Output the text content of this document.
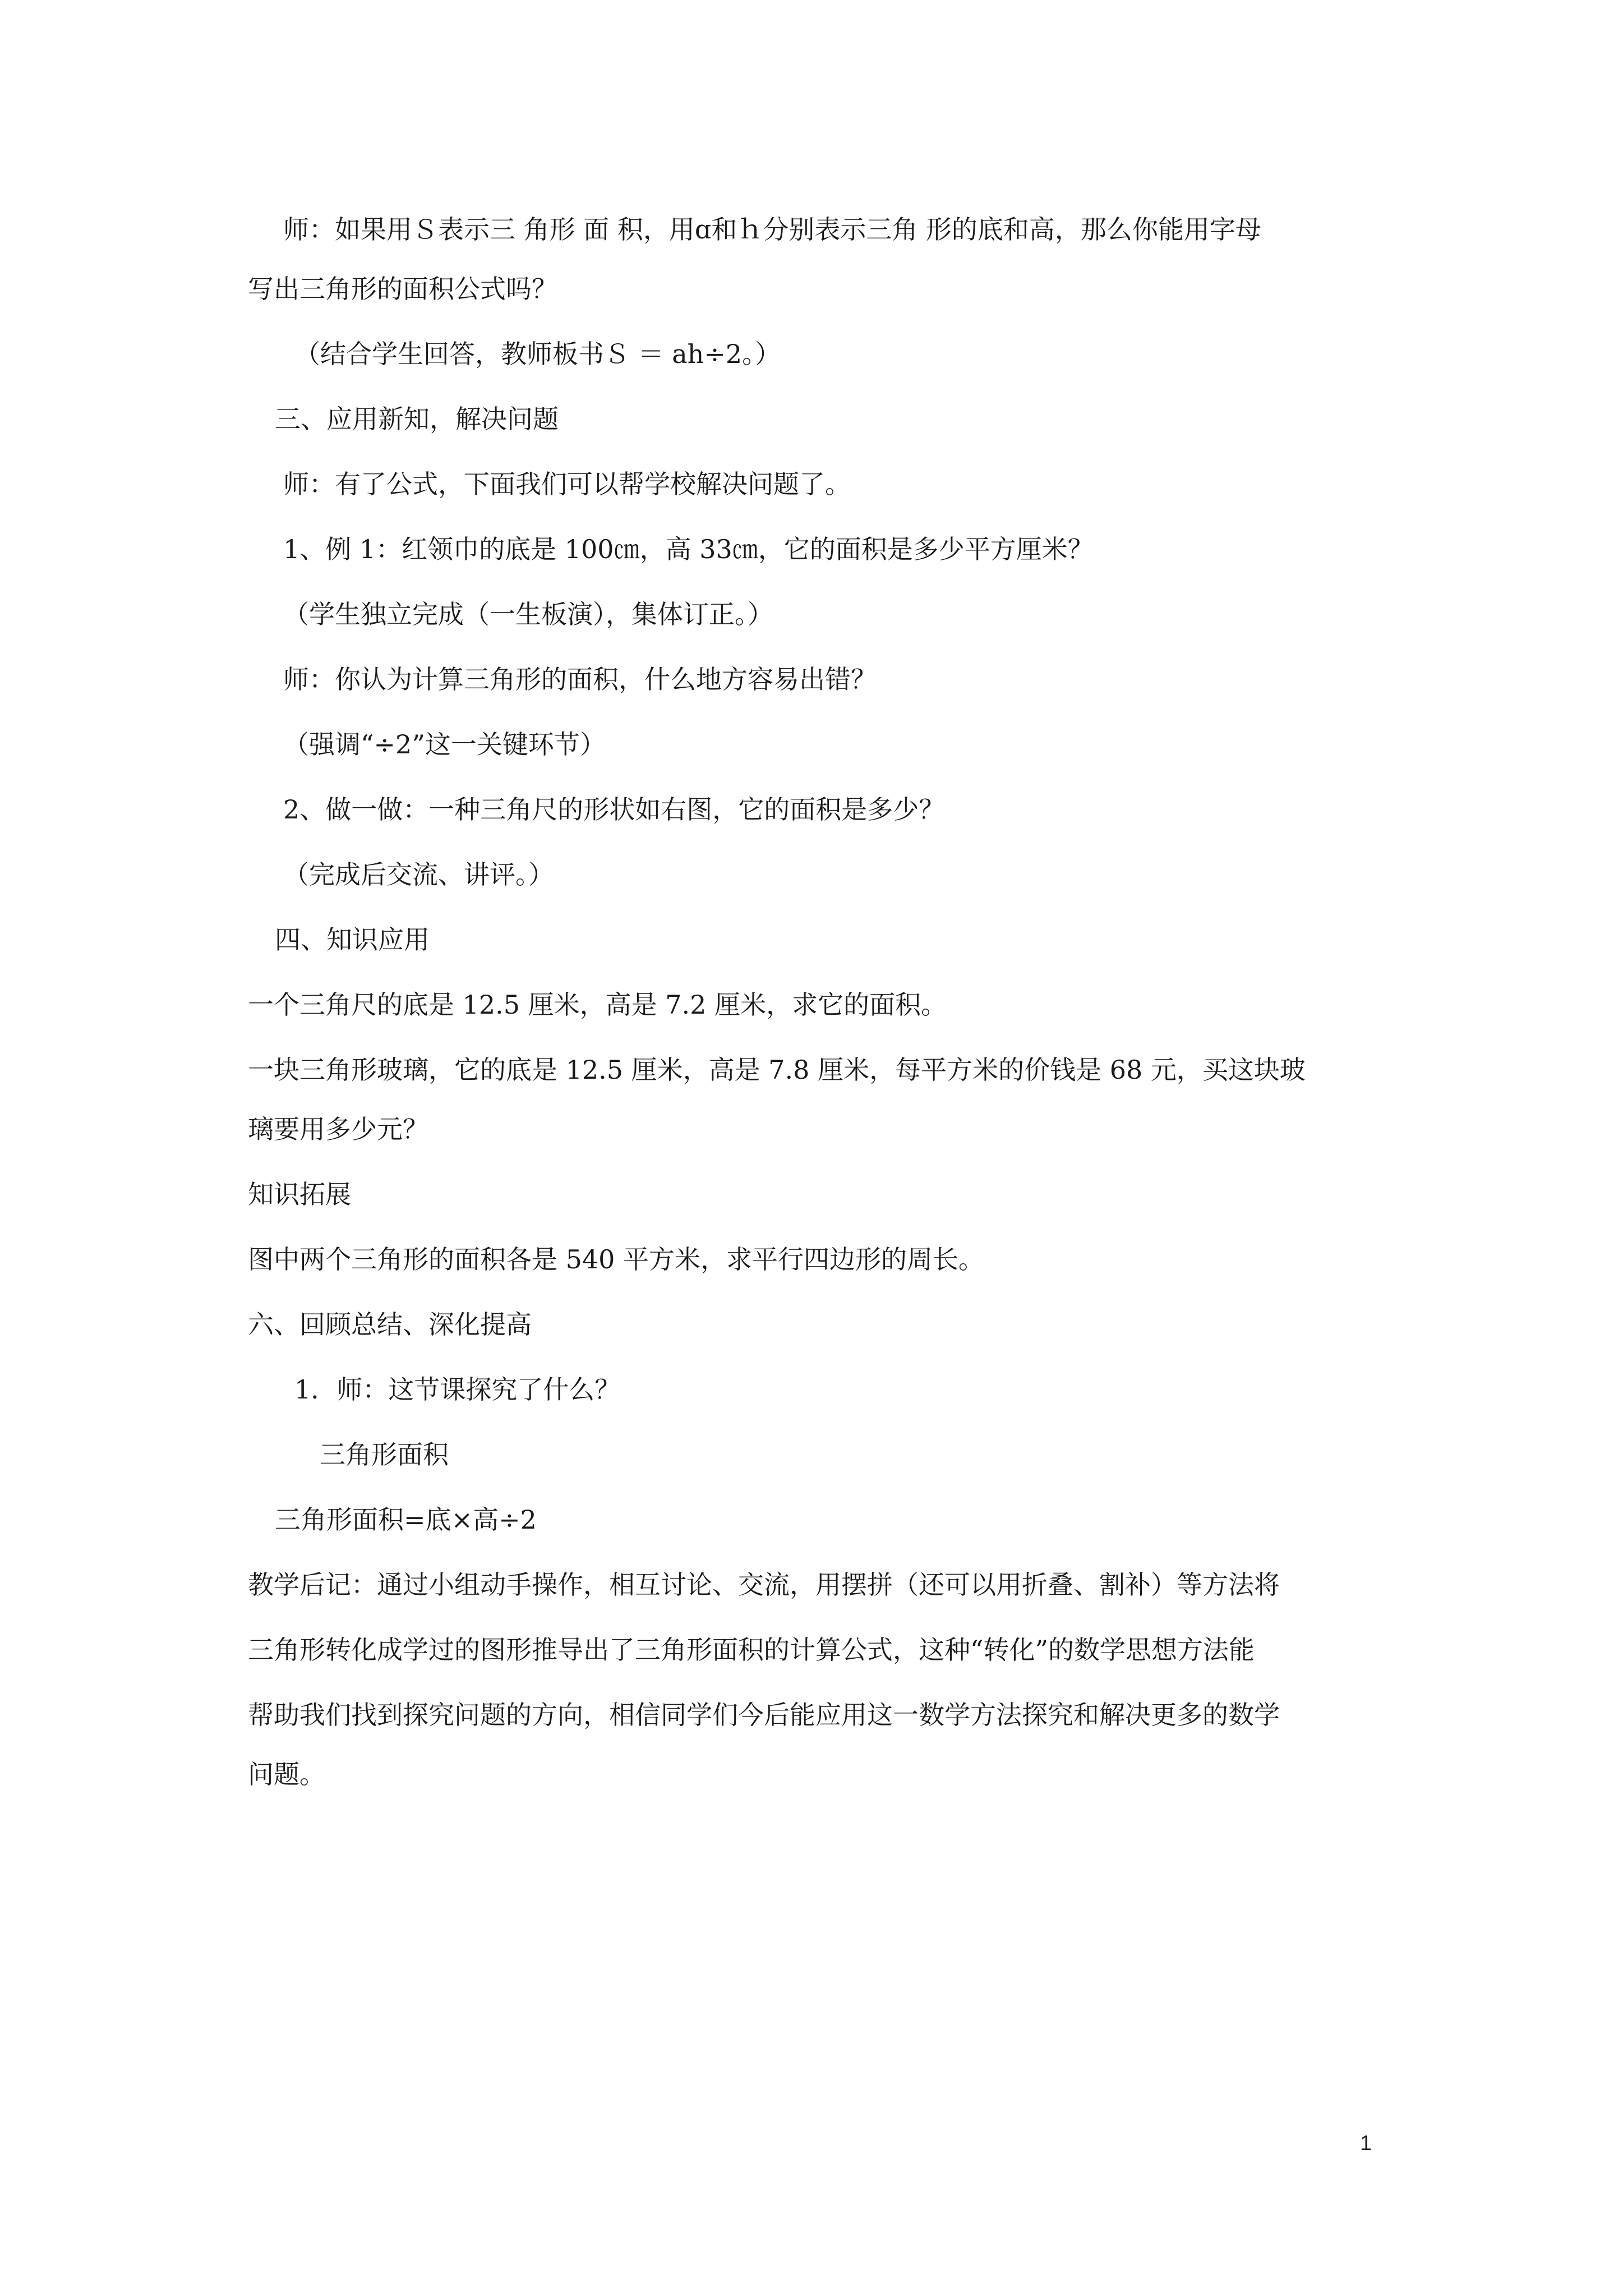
师：如果用Ｓ表示三 角形 面 积，用ɑ和ｈ分别表示三角 形的底和高，那么你能用字母

写出三角形的面积公式吗？

（结合学生回答，教师板书Ｓ ＝ ah÷2。）

三、应用新知，解决问题

师：有了公式，下面我们可以帮学校解决问题了。

1、例 1：红领巾的底是 100㎝，高 33㎝，它的面积是多少平方厘米？

（学生独立完成（一生板演），集体订正。）

师：你认为计算三角形的面积，什么地方容易出错？

（强调“÷2”这一关键环节）

2、做一做：一种三角尺的形状如右图，它的面积是多少？

（完成后交流、讲评。）

四、知识应用

一个三角尺的底是 12.5 厘米，高是 7.2 厘米，求它的面积。

一块三角形玻璃，它的底是 12.5 厘米，高是 7.8 厘米，每平方米的价钱是 68 元，买这块玻

璃要用多少元？

知识拓展

图中两个三角形的面积各是 540 平方米，求平行四边形的周长。

六、回顾总结、深化提高

1．师：这节课探究了什么？

三角形面积

三角形面积=底×高÷2

教学后记：通过小组动手操作，相互讨论、交流，用摆拼（还可以用折叠、割补）等方法将

三角形转化成学过的图形推导出了三角形面积的计算公式，这种“转化”的数学思想方法能

帮助我们找到探究问题的方向，相信同学们今后能应用这一数学方法探究和解决更多的数学

问题。

1
